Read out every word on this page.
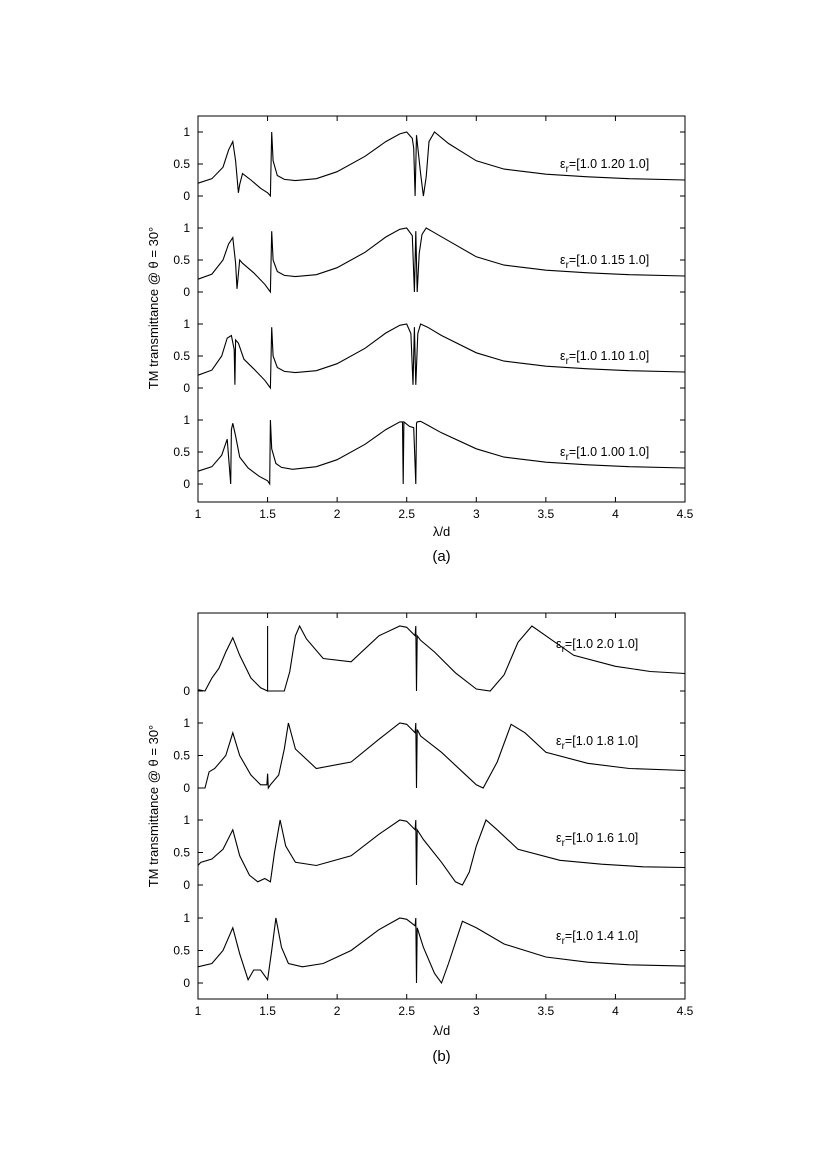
1	1.5	2	2.5	3	3.5	4	4.5
0
0.5
1
$\varepsilon_r=[1.0$ 1.20 1.0]
0
0.5
1
$\varepsilon_r=[1.0$ 1.15 1.0]
0
0.5
1
$\varepsilon_r=[1.0$ 1.10 1.0]
0
0.5
1
$\varepsilon_r=[1.0$ 1.00 1.0]
λ/d
TM transmittance @ θ = 30°
(a)
1	1.5	2	2.5	3	3.5	4	4.5
0
$\varepsilon_r=[1.0$ 2.0 1.0]
0
0.5
1
$\varepsilon_r=[1.0$ 1.8 1.0]
0
0.5
1
$\varepsilon_r=[1.0$ 1.6 1.0]
0
0.5
1
$\varepsilon_r=[1.0$ 1.4 1.0]
λ/d
TM transmittance @ θ = 30°
(b)
